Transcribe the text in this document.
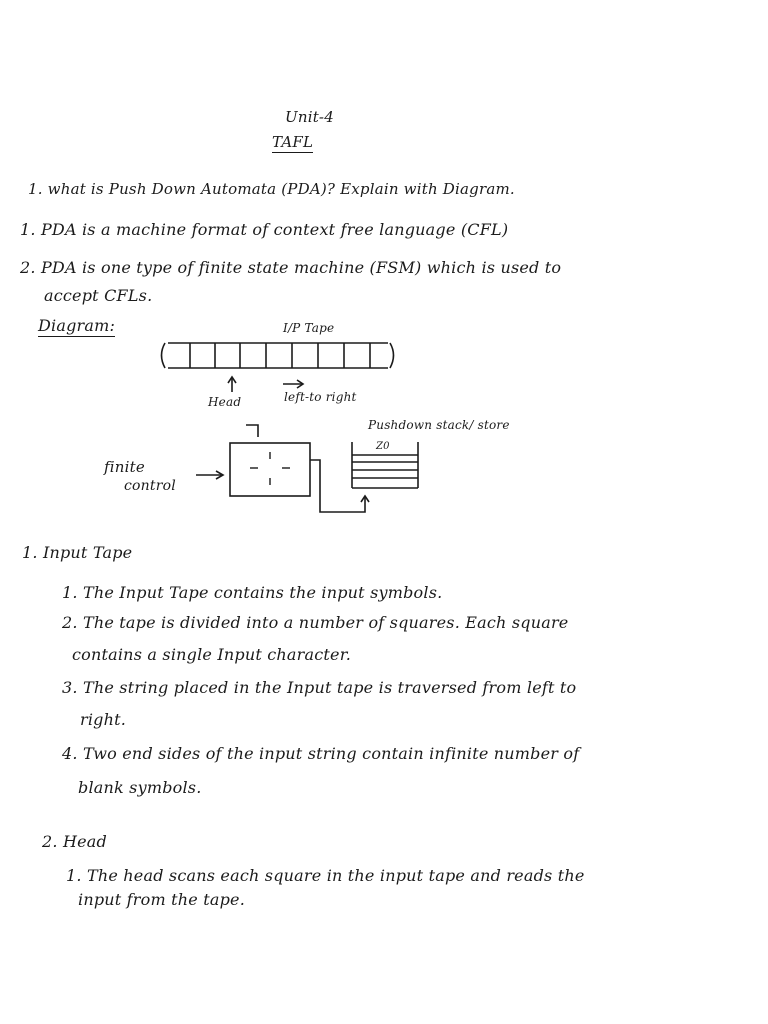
Unit-4
TAFL
1. what is Push Down Automata (PDA)? Explain with Diagram.
1. PDA is a machine format of context free language (CFL)
2. PDA is one type of finite state machine (FSM) which is used to
accept CFLs.
Diagram:	I/P Tape
Head	left-to right
Pushdown stack/ store
Z0
finite
control
1. Input Tape
1. The Input Tape contains the input symbols.
2. The tape is divided into a number of squares. Each square
contains a single Input character.
3. The string placed in the Input tape is traversed from left to
right.
4. Two end sides of the input string contain infinite number of
blank symbols.
2. Head
1. The head scans each square in the input tape and reads the
input from the tape.
